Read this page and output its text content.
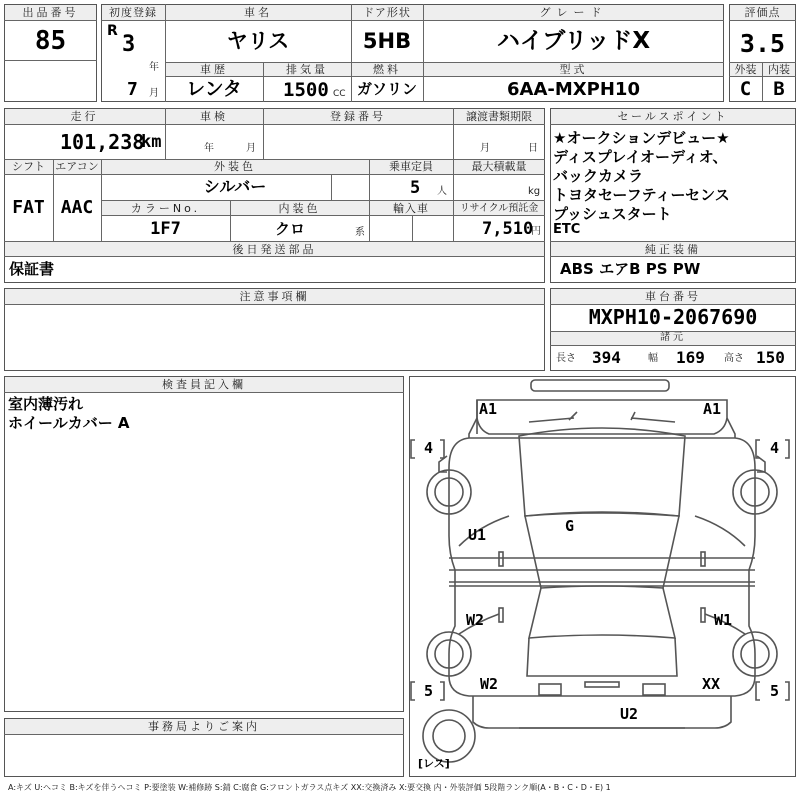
出品番号
85
初度登録
R
3
年
7 月
車名
ヤリス
ドア形状
5HB
グレード
ハイブリッドX
車歴
レンタ
排気量
1500 CC
燃料
ガソリン
型式
6AA-MXPH10
評価点
3.5
外装	内装
C	B
走行
101,238
km
車検
年	月
登録番号	譲渡書類期限
月	日
シフト エアコン
FAT AAC
外装色
シルバー
乗車定員
5 人
最大積載量
kg
カラーNo.
1F7
内装色
クロ	系
輸入車	リサイクル預託金
7,510
円
後日発送部品
保証書
セールスポイント
★オークションデビュー★
ディスプレイオーディオ、
バックカメラ
トヨタセーフティーセンス
プッシュスタート
ETC
純正装備
ABS エアB PS PW
注意事項欄	車台番号
MXPH10-2067690
諸元
長さ 394	幅 169 高さ 150
検査員記入欄
室内薄汚れ
ホイールカバー A
事務局よりご案内
A1	A1
U1	G
W2	W1
W2	XX
U2
4	4
5	5
[レス]
A:キズ U:ヘコミ B:キズを伴うヘコミ P:要塗装 W:補修跡 S:錆 C:腐食 G:フロントガラス点キズ XX:交換済み X:要交換 内・外装評価 5段階ランク順(A・B・C・D・E) 1
